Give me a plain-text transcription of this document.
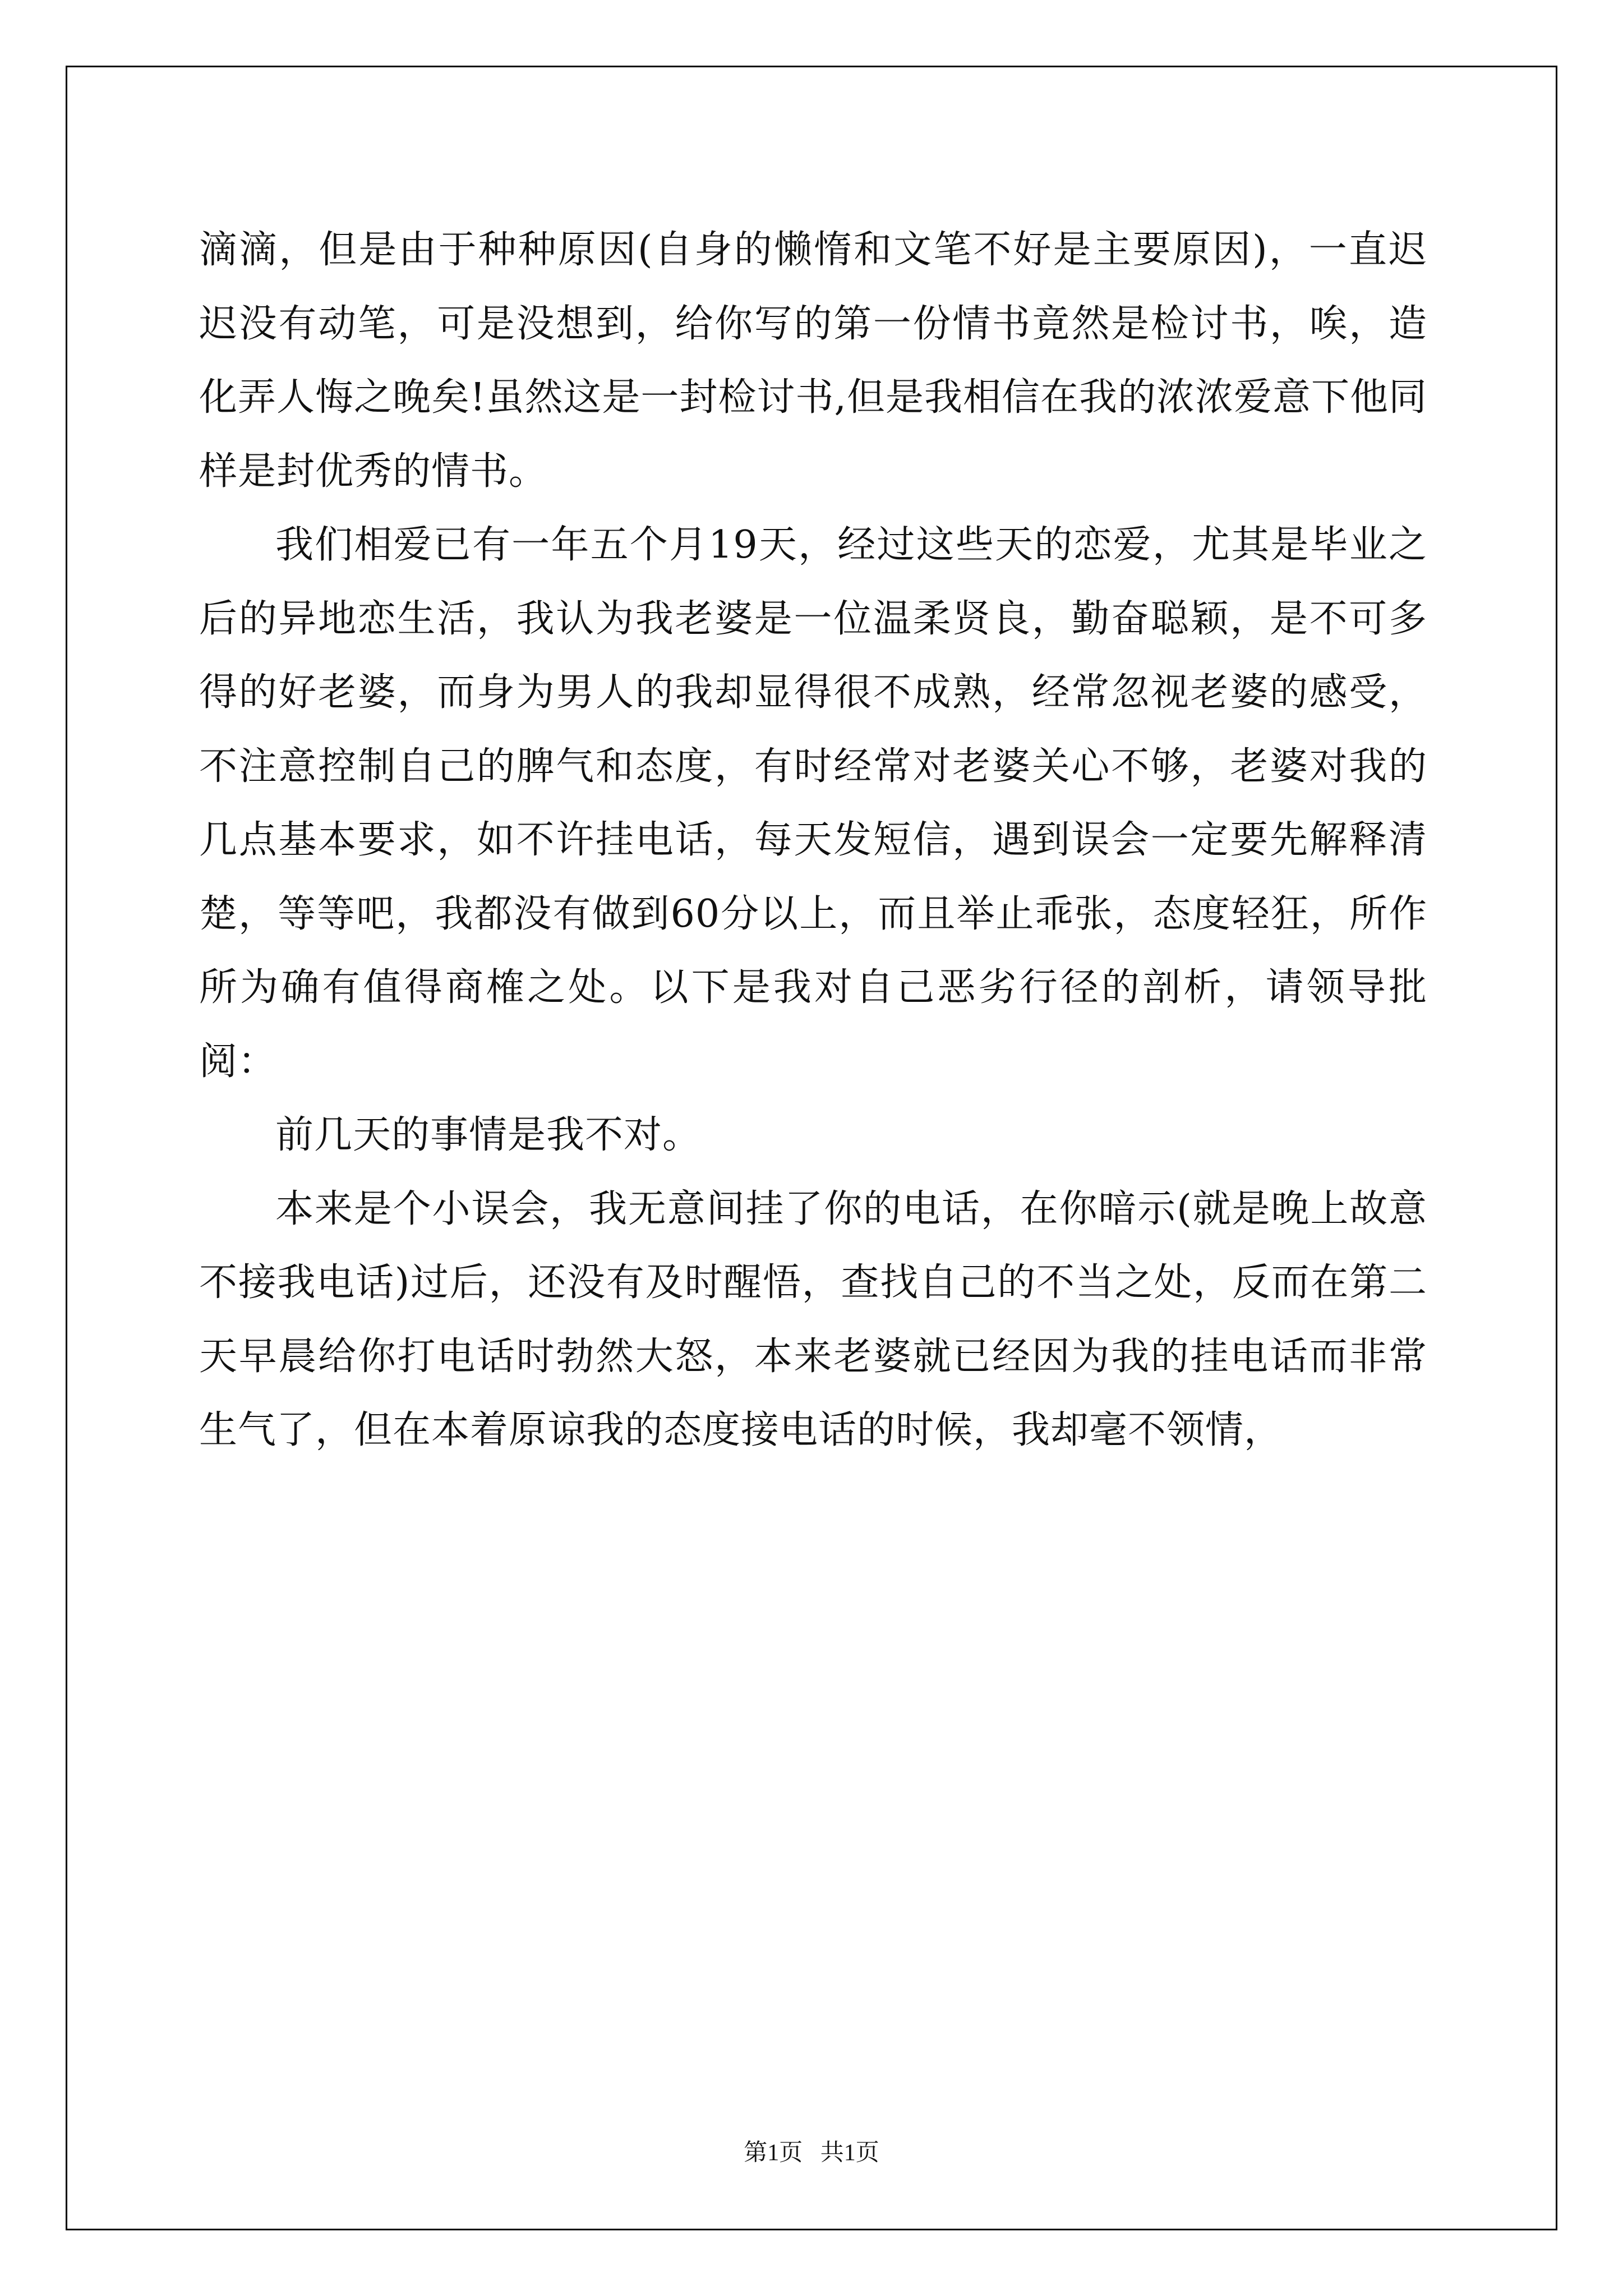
滴滴，但是由于种种原因(自身的懒惰和文笔不好是主要原因)，一直迟迟没有动笔，可是没想到，给你写的第一份情书竟然是检讨书，唉，造化弄人悔之晚矣!虽然这是一封检讨书,但是我相信在我的浓浓爱意下他同样是封优秀的情书。

我们相爱已有一年五个月19天，经过这些天的恋爱，尤其是毕业之后的异地恋生活，我认为我老婆是一位温柔贤良，勤奋聪颖，是不可多得的好老婆，而身为男人的我却显得很不成熟，经常忽视老婆的感受，不注意控制自己的脾气和态度，有时经常对老婆关心不够，老婆对我的几点基本要求，如不许挂电话，每天发短信，遇到误会一定要先解释清楚，等等吧，我都没有做到60分以上，而且举止乖张，态度轻狂，所作所为确有值得商榷之处。以下是我对自己恶劣行径的剖析，请领导批阅：

前几天的事情是我不对。

本来是个小误会，我无意间挂了你的电话，在你暗示(就是晚上故意不接我电话)过后，还没有及时醒悟，查找自己的不当之处，反而在第二天早晨给你打电话时勃然大怒，本来老婆就已经因为我的挂电话而非常生气了，但在本着原谅我的态度接电话的时候，我却毫不领情，

第1页   共1页
